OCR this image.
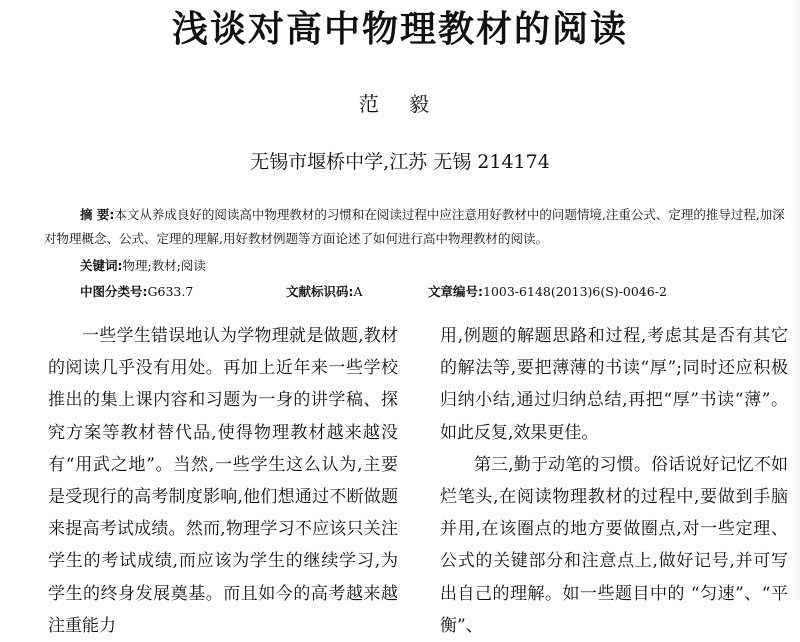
浅谈对高中物理教材的阅读
范 毅
无锡市堰桥中学,江苏 无锡 214174
摘 要:本文从养成良好的阅读高中物理教材的习惯和在阅读过程中应注意用好教材中的问题情境,注重公式、定理的推导过程,加深对物理概念、公式、定理的理解,用好教材例题等方面论述了如何进行高中物理教材的阅读。
关键词:物理;教材;阅读
中图分类号:G633.7	文献标识码:A	文章编号:1003-6148(2013)6(S)-0046-2

一些学生错误地认为学物理就是做题,教材的阅读几乎没有用处。再加上近年来一些学校推出的集上课内容和习题为一身的讲学稿、探究方案等教材替代品,使得物理教材越来越没有“用武之地”。当然,一些学生这么认为,主要是受现行的高考制度影响,他们想通过不断做题来提高考试成绩。然而,物理学习不应该只关注学生的考试成绩,而应该为学生的继续学习,为学生的终身发展奠基。而且如今的高考越来越注重能力

用,例题的解题思路和过程,考虑其是否有其它的解法等,要把薄薄的书读“厚”;同时还应积极归纳小结,通过归纳总结,再把“厚”书读“薄”。如此反复,效果更佳。

第三,勤于动笔的习惯。俗话说好记忆不如烂笔头,在阅读物理教材的过程中,要做到手脑并用,在该圈点的地方要做圈点,对一些定理、公式的关键部分和注意点上,做好记号,并可写出自己的理解。如一些题目中的 “匀速”、“平衡”、
